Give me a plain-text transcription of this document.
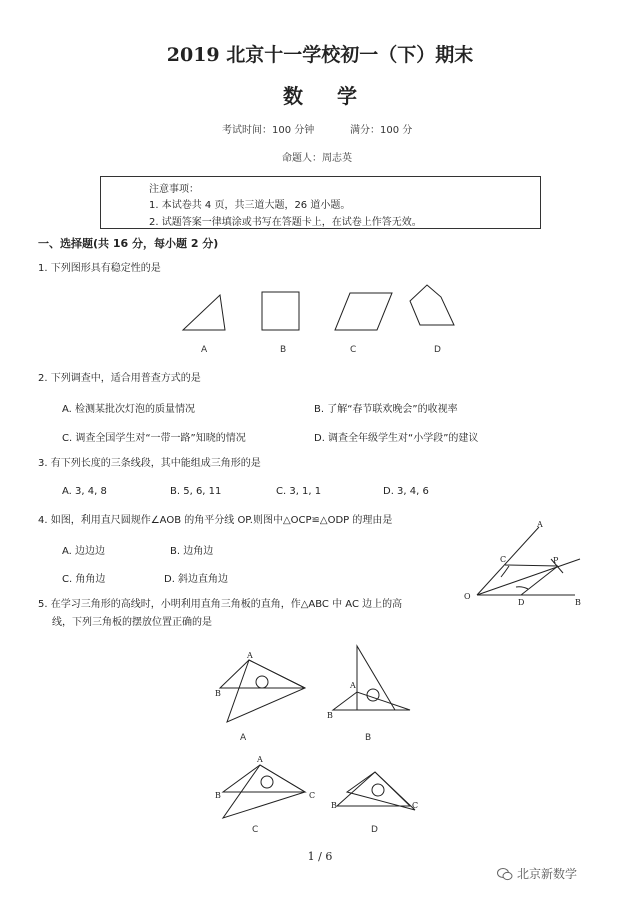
2019 北京十一学校初一（下）期末
数学
考试时间：100 分钟	满分：100 分
命题人：周志英
注意事项：
1. 本试卷共 4 页，共三道大题，26 道小题。
2. 试题答案一律填涂或书写在答题卡上，在试卷上作答无效。
一、选择题(共 16 分，每小题 2 分)
1. 下列图形具有稳定性的是
A	B	C	D
2. 下列调查中，适合用普查方式的是
A. 检测某批次灯泡的质量情况	B. 了解“春节联欢晚会”的收视率
C. 调查全国学生对“一带一路”知晓的情况	D. 调查全年级学生对“小学段”的建议
3. 有下列长度的三条线段，其中能组成三角形的是
A. 3, 4, 8	B. 5, 6, 11	C. 3, 1, 1	D. 3, 4, 6
4. 如图，利用直尺圆规作∠AOB 的角平分线 OP.则图中△OCP≌△ODP 的理由是
A. 边边边	B. 边角边
C. 角角边	D. 斜边直角边
A
C	P
O
D	B
5. 在学习三角形的高线时，小明利用直角三角板的直角，作△ABC 中 AC 边上的高
线，下列三角板的摆放位置正确的是
A
B
A
B
A
B	C
B	C
A	B
C	D
1 / 6
北京新数学
